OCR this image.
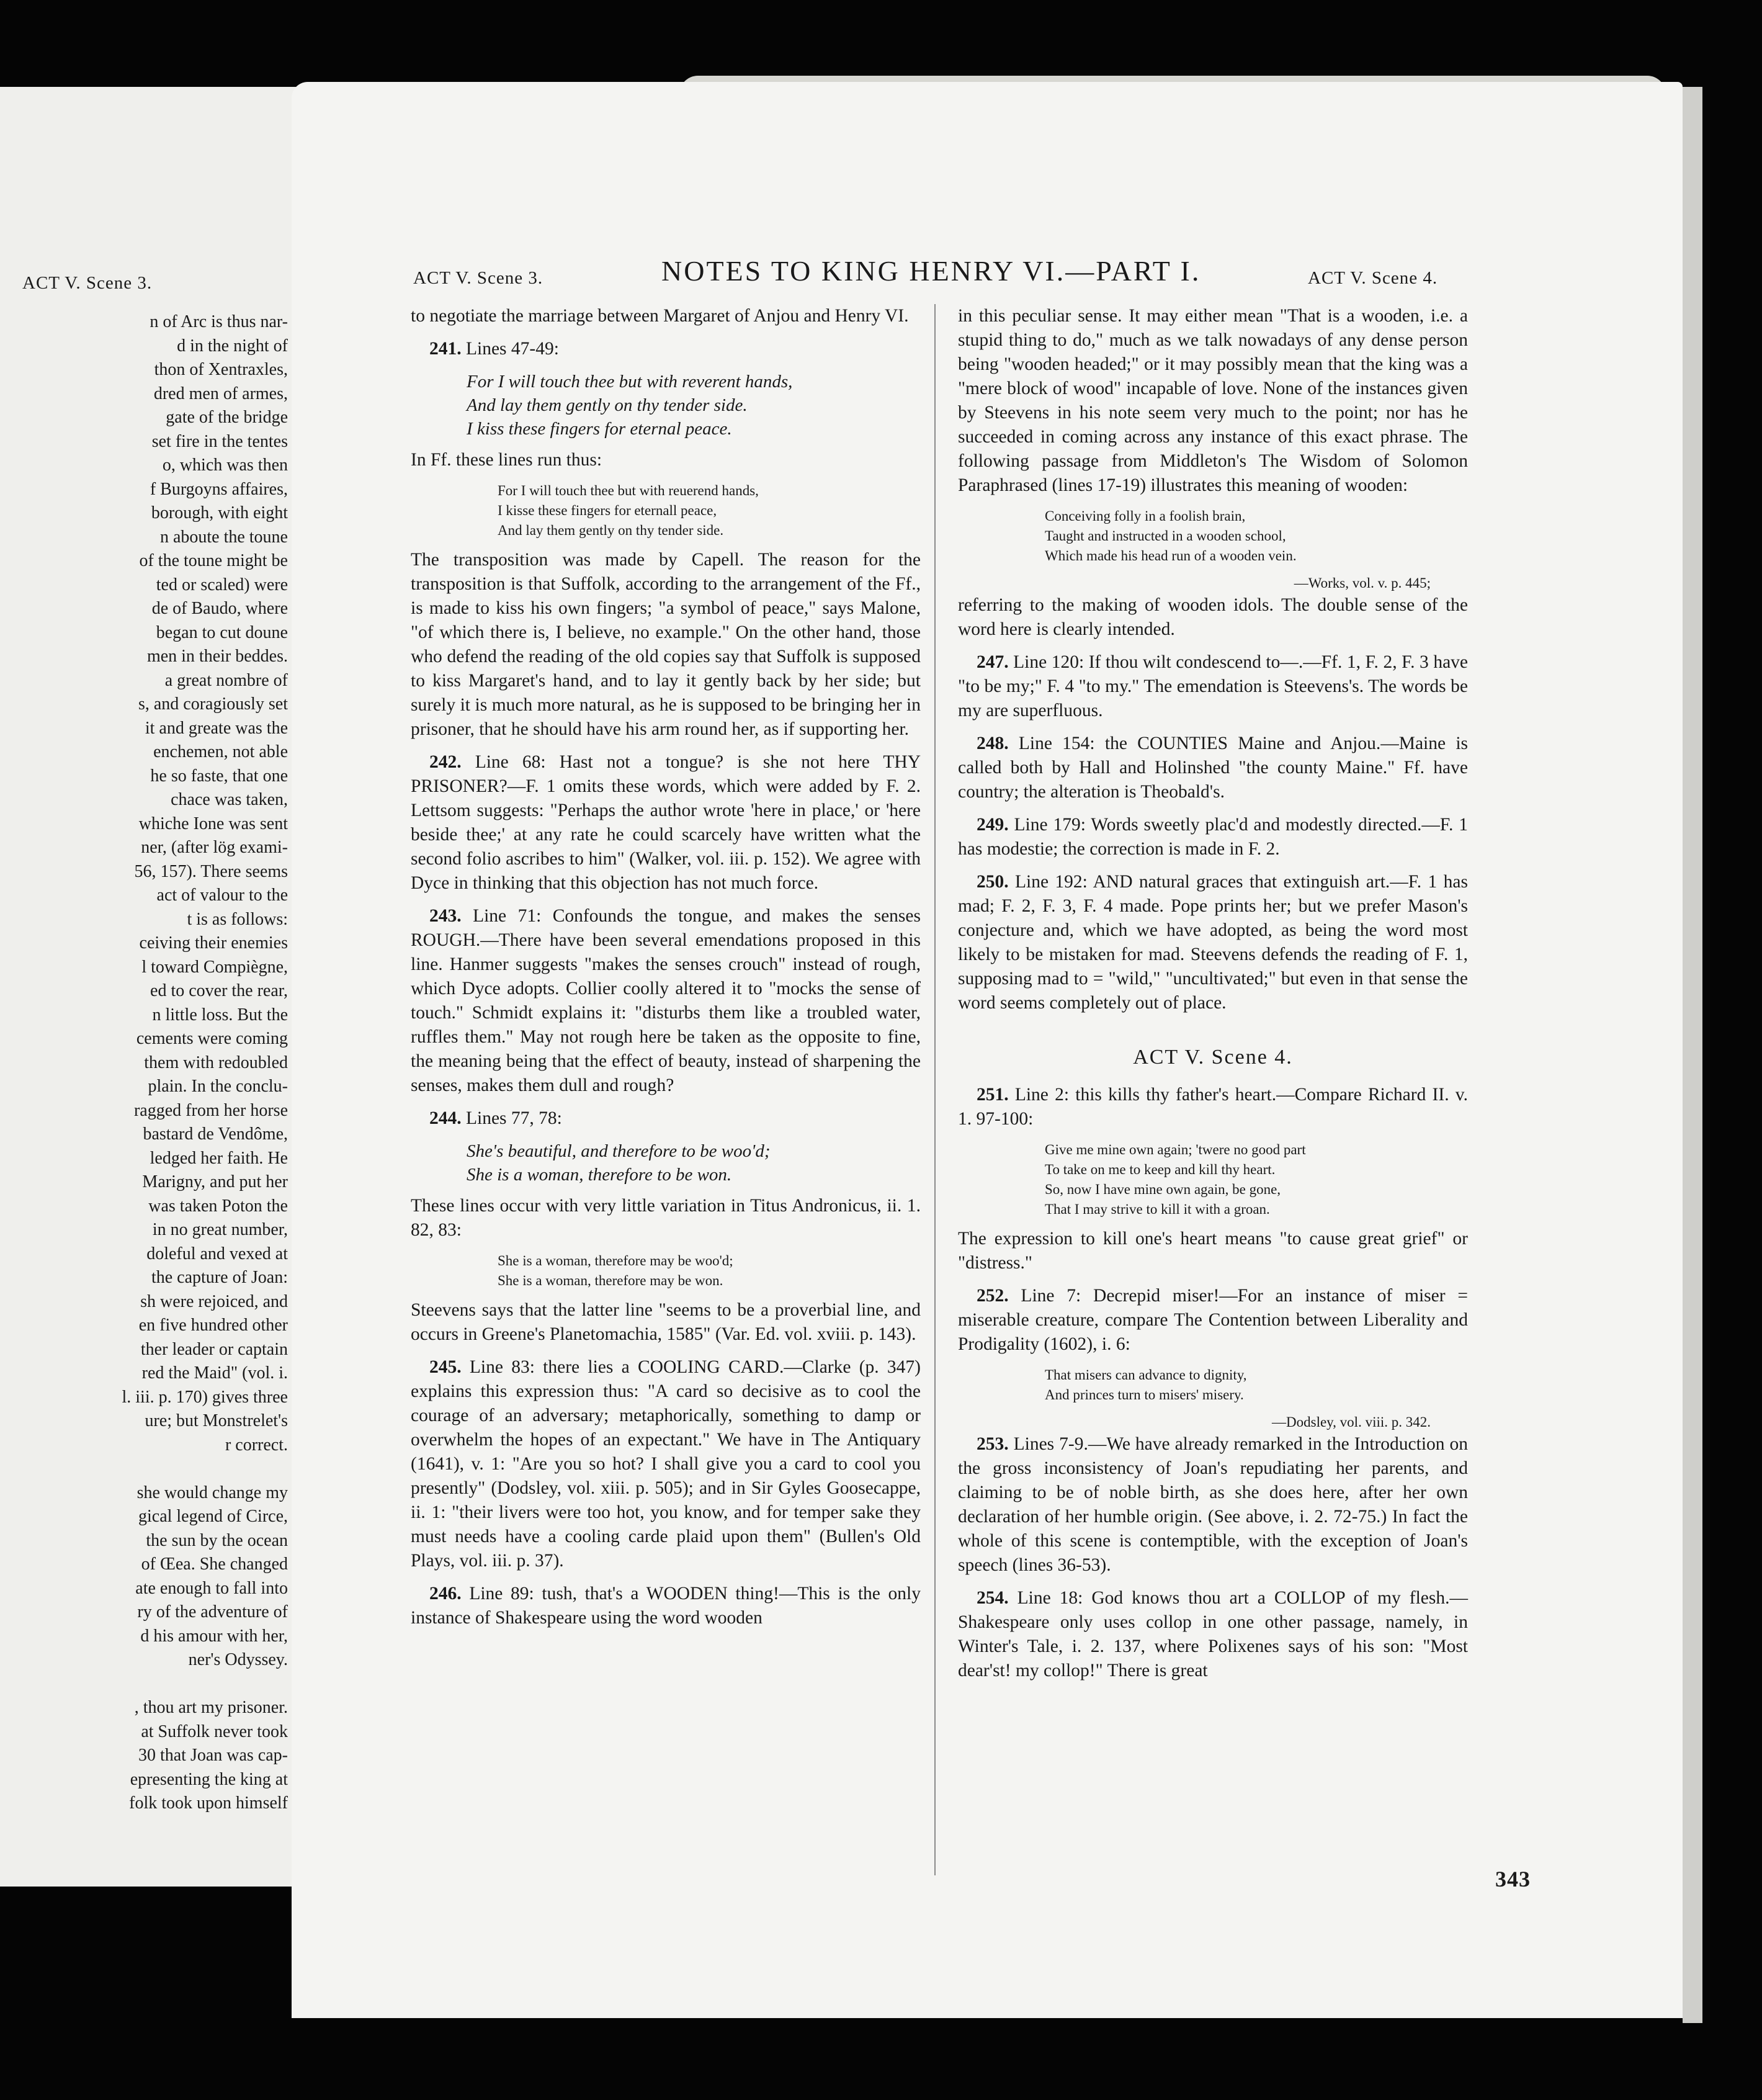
ACT V. Scene 3.
n of Arc is thus nar-
d in the night of
thon of Xentraxles,
dred men of armes,
gate of the bridge
set fire in the tentes
o, which was then
f Burgoyns affaires,
borough, with eight
n aboute the toune
of the toune might be
ted or scaled) were
de of Baudo, where
began to cut doune
men in their beddes.
a great nombre of
s, and coragiously set
it and greate was the
enchemen, not able
he so faste, that one
chace was taken,
whiche Ione was sent
ner, (after lög exami-
56, 157). There seems
act of valour to the
t is as follows:
ceiving their enemies
l toward Compiègne,
ed to cover the rear,
n little loss. But the
cements were coming
them with redoubled
plain. In the conclu-
ragged from her horse
bastard de Vendôme,
ledged her faith. He
Marigny, and put her
was taken Poton the
in no great number,
doleful and vexed at
the capture of Joan:
sh were rejoiced, and
en five hundred other
ther leader or captain
red the Maid" (vol. i.
l. iii. p. 170) gives three
ure; but Monstrelet's
r correct.

she would change my
gical legend of Circe,
the sun by the ocean
of Œea. She changed
ate enough to fall into
ry of the adventure of
d his amour with her,
ner's Odyssey.

, thou art my prisoner.
at Suffolk never took
30 that Joan was cap-
epresenting the king at
folk took upon himself
ACT V. Scene 3.	NOTES TO KING HENRY VI.—PART I.	ACT V. Scene 4.

to negotiate the marriage between Margaret of Anjou and Henry VI.

241. Lines 47-49:

For I will touch thee but with reverent hands,
And lay them gently on thy tender side.
I kiss these fingers for eternal peace.

In Ff. these lines run thus:

For I will touch thee but with reuerend hands,
I kisse these fingers for eternall peace,
And lay them gently on thy tender side.

The transposition was made by Capell. The reason for the transposition is that Suffolk, according to the arrangement of the Ff., is made to kiss his own fingers; "a symbol of peace," says Malone, "of which there is, I believe, no example." On the other hand, those who defend the reading of the old copies say that Suffolk is supposed to kiss Margaret's hand, and to lay it gently back by her side; but surely it is much more natural, as he is supposed to be bringing her in prisoner, that he should have his arm round her, as if supporting her.

242. Line 68: Hast not a tongue? is she not here THY PRISONER?—F. 1 omits these words, which were added by F. 2. Lettsom suggests: "Perhaps the author wrote 'here in place,' or 'here beside thee;' at any rate he could scarcely have written what the second folio ascribes to him" (Walker, vol. iii. p. 152). We agree with Dyce in thinking that this objection has not much force.

243. Line 71: Confounds the tongue, and makes the senses ROUGH.—There have been several emendations proposed in this line. Hanmer suggests "makes the senses crouch" instead of rough, which Dyce adopts. Collier coolly altered it to "mocks the sense of touch." Schmidt explains it: "disturbs them like a troubled water, ruffles them." May not rough here be taken as the opposite to fine, the meaning being that the effect of beauty, instead of sharpening the senses, makes them dull and rough?

244. Lines 77, 78:

She's beautiful, and therefore to be woo'd;
She is a woman, therefore to be won.

These lines occur with very little variation in Titus Andronicus, ii. 1. 82, 83:

She is a woman, therefore may be woo'd;
She is a woman, therefore may be won.

Steevens says that the latter line "seems to be a proverbial line, and occurs in Greene's Planetomachia, 1585" (Var. Ed. vol. xviii. p. 143).

245. Line 83: there lies a COOLING CARD.—Clarke (p. 347) explains this expression thus: "A card so decisive as to cool the courage of an adversary; metaphorically, something to damp or overwhelm the hopes of an expectant." We have in The Antiquary (1641), v. 1: "Are you so hot? I shall give you a card to cool you presently" (Dodsley, vol. xiii. p. 505); and in Sir Gyles Goosecappe, ii. 1: "their livers were too hot, you know, and for temper sake they must needs have a cooling carde plaid upon them" (Bullen's Old Plays, vol. iii. p. 37).

246. Line 89: tush, that's a WOODEN thing!—This is the only instance of Shakespeare using the word wooden

in this peculiar sense. It may either mean "That is a wooden, i.e. a stupid thing to do," much as we talk nowadays of any dense person being "wooden headed;" or it may possibly mean that the king was a "mere block of wood" incapable of love. None of the instances given by Steevens in his note seem very much to the point; nor has he succeeded in coming across any instance of this exact phrase. The following passage from Middleton's The Wisdom of Solomon Paraphrased (lines 17-19) illustrates this meaning of wooden:

Conceiving folly in a foolish brain,
Taught and instructed in a wooden school,
Which made his head run of a wooden vein.
—Works, vol. v. p. 445;

referring to the making of wooden idols. The double sense of the word here is clearly intended.

247. Line 120: If thou wilt condescend to—.—Ff. 1, F. 2, F. 3 have "to be my;" F. 4 "to my." The emendation is Steevens's. The words be my are superfluous.

248. Line 154: the COUNTIES Maine and Anjou.—Maine is called both by Hall and Holinshed "the county Maine." Ff. have country; the alteration is Theobald's.

249. Line 179: Words sweetly plac'd and modestly directed.—F. 1 has modestie; the correction is made in F. 2.

250. Line 192: AND natural graces that extinguish art.—F. 1 has mad; F. 2, F. 3, F. 4 made. Pope prints her; but we prefer Mason's conjecture and, which we have adopted, as being the word most likely to be mistaken for mad. Steevens defends the reading of F. 1, supposing mad to = "wild," "uncultivated;" but even in that sense the word seems completely out of place.

ACT V. Scene 4.

251. Line 2: this kills thy father's heart.—Compare Richard II. v. 1. 97-100:

Give me mine own again; 'twere no good part
To take on me to keep and kill thy heart.
So, now I have mine own again, be gone,
That I may strive to kill it with a groan.

The expression to kill one's heart means "to cause great grief" or "distress."

252. Line 7: Decrepid miser!—For an instance of miser = miserable creature, compare The Contention between Liberality and Prodigality (1602), i. 6:

That misers can advance to dignity,
And princes turn to misers' misery.
—Dodsley, vol. viii. p. 342.

253. Lines 7-9.—We have already remarked in the Introduction on the gross inconsistency of Joan's repudiating her parents, and claiming to be of noble birth, as she does here, after her own declaration of her humble origin. (See above, i. 2. 72-75.) In fact the whole of this scene is contemptible, with the exception of Joan's speech (lines 36-53).

254. Line 18: God knows thou art a COLLOP of my flesh.—Shakespeare only uses collop in one other passage, namely, in Winter's Tale, i. 2. 137, where Polixenes says of his son: "Most dear'st! my collop!" There is great

343
